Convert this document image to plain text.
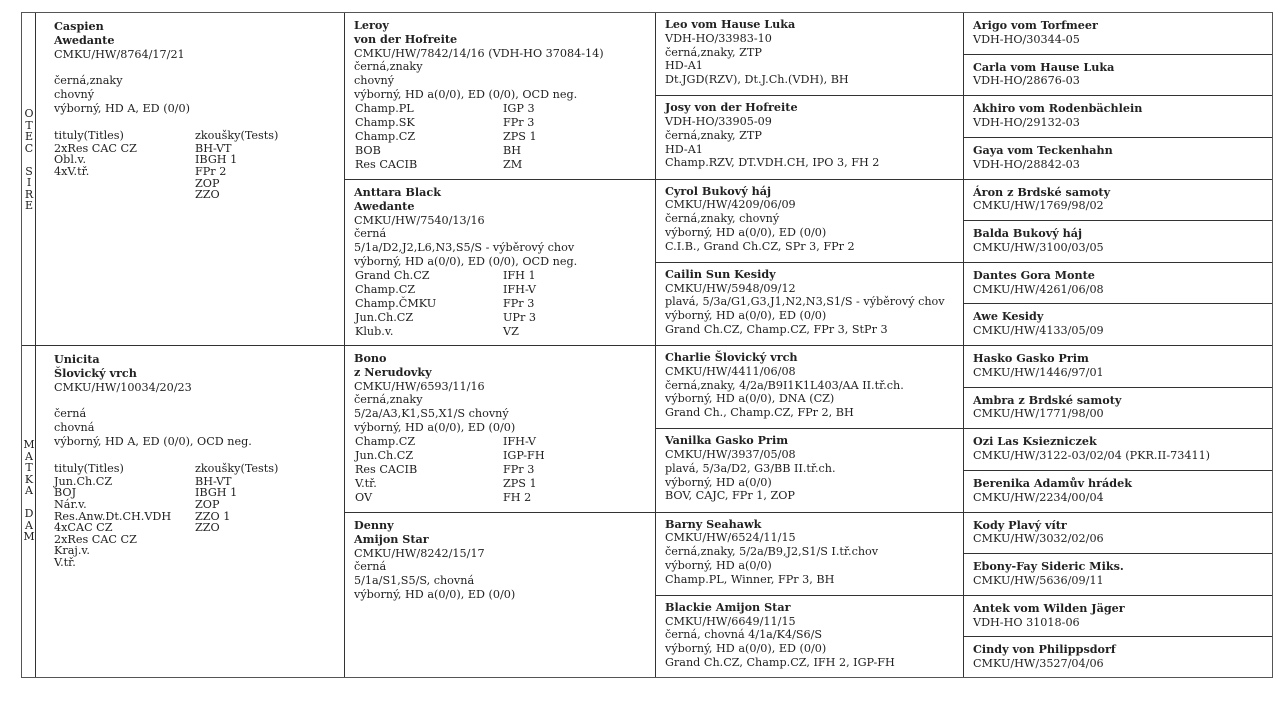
O
T
E
C
S
I
R
E
M
A
T
K
A
D
A
M
Caspien
Awedante
CMKU/HW/8764/17/21
černá,znaky
chovný
výborný, HD A, ED (0/0)
tituly(Titles)
2xRes CAC CZ
Obl.v.
4xV.tř.
zkoušky(Tests)
BH-VT
IBGH 1
FPr 2
ZOP
ZZO
Unicita
Šlovický vrch
CMKU/HW/10034/20/23
černá
chovná
výborný, HD A, ED (0/0), OCD neg.
tituly(Titles)
Jun.Ch.CZ
BOJ
Nár.v.
Res.Anw.Dt.CH.VDH
4xCAC CZ
2xRes CAC CZ
Kraj.v.
V.tř.
zkoušky(Tests)
BH-VT
IBGH 1
ZOP
ZZO 1
ZZO
Leroy
von der Hofreite
CMKU/HW/7842/14/16 (VDH-HO 37084-14)
černá,znaky
chovný
výborný, HD a(0/0), ED (0/0), OCD neg.
Champ.PL
Champ.SK
Champ.CZ
BOB
Res CACIB
IGP 3
FPr 3
ZPS 1
BH
ZM
Anttara Black
Awedante
CMKU/HW/7540/13/16
černá
5/1a/D2,J2,L6,N3,S5/S - výběrový chov
výborný, HD a(0/0), ED (0/0), OCD neg.
Grand Ch.CZ
Champ.CZ
Champ.ČMKU
Jun.Ch.CZ
Klub.v.
IFH 1
IFH-V
FPr 3
UPr 3
VZ
Bono
z Nerudovky
CMKU/HW/6593/11/16
černá,znaky
5/2a/A3,K1,S5,X1/S chovný
výborný, HD a(0/0), ED (0/0)
Champ.CZ
Jun.Ch.CZ
Res CACIB
V.tř.
OV
IFH-V
IGP-FH
FPr 3
ZPS 1
FH 2
Denny
Amijon Star
CMKU/HW/8242/15/17
černá
5/1a/S1,S5/S, chovná
výborný, HD a(0/0), ED (0/0)
Leo vom Hause Luka
VDH-HO/33983-10
černá,znaky, ZTP
HD-A1
Dt.JGD(RZV), Dt.J.Ch.(VDH), BH
Josy von der Hofreite
VDH-HO/33905-09
černá,znaky, ZTP
HD-A1
Champ.RZV, DT.VDH.CH, IPO 3, FH 2
Cyrol Bukový háj
CMKU/HW/4209/06/09
černá,znaky, chovný
výborný, HD a(0/0), ED (0/0)
C.I.B., Grand Ch.CZ, SPr 3, FPr 2
Cailin Sun Kesidy
CMKU/HW/5948/09/12
plavá, 5/3a/G1,G3,J1,N2,N3,S1/S - výběrový chov
výborný, HD a(0/0), ED (0/0)
Grand Ch.CZ, Champ.CZ, FPr 3, StPr 3
Charlie Šlovický vrch
CMKU/HW/4411/06/08
černá,znaky, 4/2a/B9I1K1L403/AA II.tř.ch.
výborný, HD a(0/0), DNA (CZ)
Grand Ch., Champ.CZ, FPr 2, BH
Vanilka Gasko Prim
CMKU/HW/3937/05/08
plavá, 5/3a/D2, G3/BB II.tř.ch.
výborný, HD a(0/0)
BOV, CAJC, FPr 1, ZOP
Barny Seahawk
CMKU/HW/6524/11/15
černá,znaky, 5/2a/B9,J2,S1/S I.tř.chov
výborný, HD a(0/0)
Champ.PL, Winner, FPr 3, BH
Blackie Amijon Star
CMKU/HW/6649/11/15
černá, chovná 4/1a/K4/S6/S
výborný, HD a(0/0), ED (0/0)
Grand Ch.CZ, Champ.CZ, IFH 2, IGP-FH
Arigo vom Torfmeer
VDH-HO/30344-05
Carla vom Hause Luka
VDH-HO/28676-03
Akhiro vom Rodenbächlein
VDH-HO/29132-03
Gaya vom Teckenhahn
VDH-HO/28842-03
Áron z Brdské samoty
CMKU/HW/1769/98/02
Balda Bukový háj
CMKU/HW/3100/03/05
Dantes Gora Monte
CMKU/HW/4261/06/08
Awe Kesidy
CMKU/HW/4133/05/09
Hasko Gasko Prim
CMKU/HW/1446/97/01
Ambra z Brdské samoty
CMKU/HW/1771/98/00
Ozi Las Ksiezniczek
CMKU/HW/3122-03/02/04 (PKR.II-73411)
Berenika Adamův hrádek
CMKU/HW/2234/00/04
Kody Plavý vítr
CMKU/HW/3032/02/06
Ebony-Fay Sideric Miks.
CMKU/HW/5636/09/11
Antek vom Wilden Jäger
VDH-HO 31018-06
Cindy von Philippsdorf
CMKU/HW/3527/04/06
